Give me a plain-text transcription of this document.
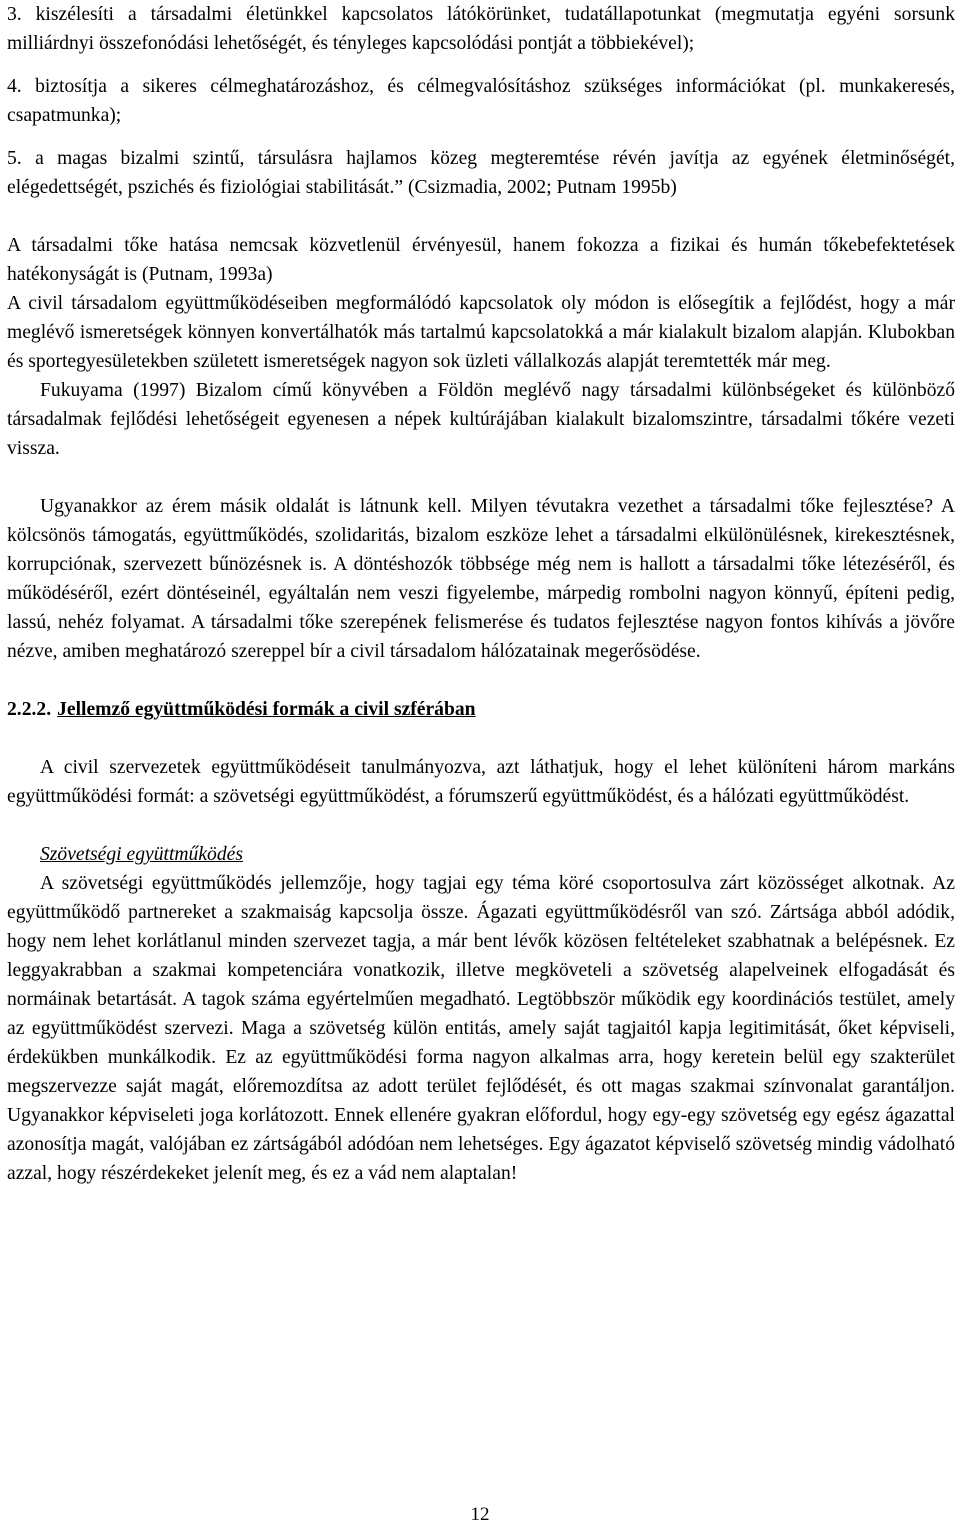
3. kiszélesíti a társadalmi életünkkel kapcsolatos látókörünket, tudatállapotunkat (megmutatja egyéni sorsunk milliárdnyi összefonódási lehetőségét, és tényleges kapcsolódási pontját a többiekével);

4. biztosítja a sikeres célmeghatározáshoz, és célmegvalósításhoz szükséges információkat (pl. munkakeresés, csapatmunka);

5. a magas bizalmi szintű, társulásra hajlamos közeg megteremtése révén javítja az egyének életminőségét, elégedettségét, pszichés és fiziológiai stabilitását.” (Csizmadia, 2002; Putnam 1995b)

A társadalmi tőke hatása nemcsak közvetlenül érvényesül, hanem fokozza a fizikai és humán tőkebefektetések hatékonyságát is (Putnam, 1993a)

A civil társadalom együttműködéseiben megformálódó kapcsolatok oly módon is elősegítik a fejlődést, hogy a már meglévő ismeretségek könnyen konvertálhatók más tartalmú kapcsolatokká a már kialakult bizalom alapján. Klubokban és sportegyesületekben született ismeretségek nagyon sok üzleti vállalkozás alapját teremtették már meg.

Fukuyama (1997) Bizalom című könyvében a Földön meglévő nagy társadalmi különbségeket és különböző társadalmak fejlődési lehetőségeit egyenesen a népek kultúrájában kialakult bizalomszintre, társadalmi tőkére vezeti vissza.

Ugyanakkor az érem másik oldalát is látnunk kell. Milyen tévutakra vezethet a társadalmi tőke fejlesztése? A kölcsönös támogatás, együttműködés, szolidaritás, bizalom eszköze lehet a társadalmi elkülönülésnek, kirekesztésnek, korrupciónak, szervezett bűnözésnek is. A döntéshozók többsége még nem is hallott a társadalmi tőke létezéséről, és működéséről, ezért döntéseinél, egyáltalán nem veszi figyelembe, márpedig rombolni nagyon könnyű, építeni pedig, lassú, nehéz folyamat. A társadalmi tőke szerepének felismerése és tudatos fejlesztése nagyon fontos kihívás a jövőre nézve, amiben meghatározó szereppel bír a civil társadalom hálózatainak megerősödése.

2.2.2. Jellemző együttműködési formák a civil szférában

A civil szervezetek együttműködéseit tanulmányozva, azt láthatjuk, hogy el lehet különíteni három markáns együttműködési formát: a szövetségi együttműködést, a fórumszerű együttműködést, és a hálózati együttműködést.

Szövetségi együttműködés

A szövetségi együttműködés jellemzője, hogy tagjai egy téma köré csoportosulva zárt közösséget alkotnak. Az együttműködő partnereket a szakmaiság kapcsolja össze. Ágazati együttműködésről van szó. Zártsága abból adódik, hogy nem lehet korlátlanul minden szervezet tagja, a már bent lévők közösen feltételeket szabhatnak a belépésnek. Ez leggyakrabban a szakmai kompetenciára vonatkozik, illetve megköveteli a szövetség alapelveinek elfogadását és normáinak betartását. A tagok száma egyértelműen megadható. Legtöbbször működik egy koordinációs testület, amely az együttműködést szervezi. Maga a szövetség külön entitás, amely saját tagjaitól kapja legitimitását, őket képviseli, érdekükben munkálkodik. Ez az együttműködési forma nagyon alkalmas arra, hogy keretein belül egy szakterület megszervezze saját magát, előremozdítsa az adott terület fejlődését, és ott magas szakmai színvonalat garantáljon. Ugyanakkor képviseleti joga korlátozott. Ennek ellenére gyakran előfordul, hogy egy-egy szövetség egy egész ágazattal azonosítja magát, valójában ez zártságából adódóan nem lehetséges. Egy ágazatot képviselő szövetség mindig vádolható azzal, hogy részérdekeket jelenít meg, és ez a vád nem alaptalan!

12
